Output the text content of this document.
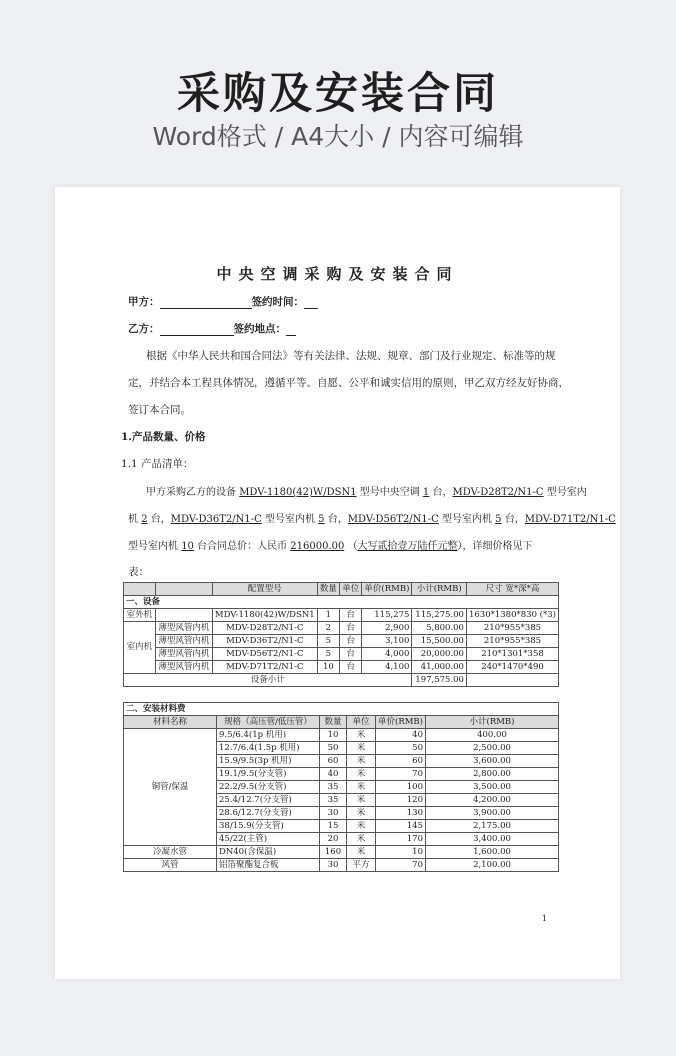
采购及安装合同
Word格式 / A4大小 / 内容可编辑
中央空调采购及安装合同
甲方：	签约时间：
乙方：	签约地点：
根据《中华人民共和国合同法》等有关法律、法规、规章、部门及行业规定、标准等的规
定，并结合本工程具体情况，遵循平等、自愿、公平和诚实信用的原则，甲乙双方经友好协商，
签订本合同。
1.产品数量、价格
1.1 产品清单：
甲方采购乙方的设备 MDV-1180(42)W/DSN1 型号中央空调 1 台，MDV-D28T2/N1-C 型号室内
机 2 台，MDV-D36T2/N1-C 型号室内机 5 台，MDV-D56T2/N1-C 型号室内机 5 台，MDV-D71T2/N1-C
型号室内机 10 台合同总价：人民币 216000.00 （大写贰拾壹万陆仟元整），详细价格见下
表：
		配置型号	数量	单位	单价(RMB)	小计(RMB)	尺寸 宽*深*高
一、设备							
室外机		MDV-1180(42)W/DSN1	1	台	115,275	115,275.00	1630*1380*830 (*3)
室内机	薄型风管内机	MDV-D28T2/N1-C	2	台	2,900	5,800.00	210*955*385
	薄型风管内机	MDV-D36T2/N1-C	5	台	3,100	15,500.00	210*955*385
	薄型风管内机	MDV-D56T2/N1-C	5	台	4,000	20,000.00	210*1301*358
	薄型风管内机	MDV-D71T2/N1-C	10	台	4,100	41,000.00	240*1470*490
设备小计						197,575.00	
二、安装材料费					
材料名称	规格（高压管/低压管）	数量	单位	单价(RMB)	小计(RMB)
铜管/保温	9.5/6.4(1p 机用)	10	米	40	400.00
	12.7/6.4(1.5p 机用)	50	米	50	2,500.00
	15.9/9.5(3p 机用)	60	米	60	3,600.00
	19.1/9.5(分支管)	40	米	70	2,800.00
	22.2/9.5(分支管)	35	米	100	3,500.00
	25.4/12.7(分支管)	35	米	120	4,200.00
	28.6/12.7(分支管)	30	米	130	3,900.00
	38/15.9(分支管)	15	米	145	2,175.00
	45/22(主管)	20	米	170	3,400.00
冷凝水管	DN40(含保温)	160	米	10	1,600.00
风管	铝箔聚酯复合板	30	平方	70	2,100.00
1
